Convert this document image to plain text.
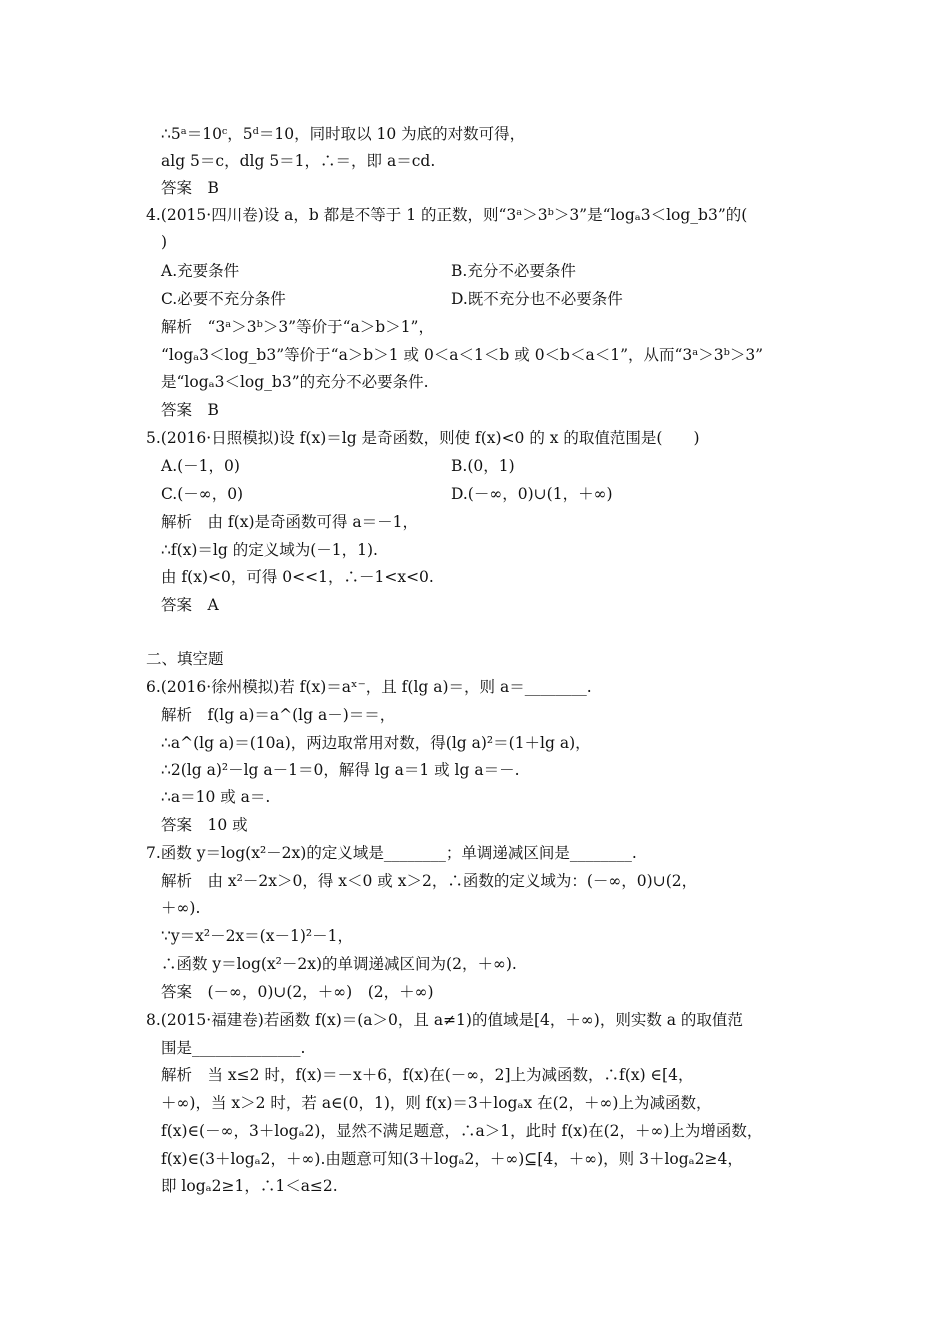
∴5ᵃ＝10ᶜ，5ᵈ＝10，同时取以 10 为底的对数可得，
alg 5＝c，dlg 5＝1，∴＝，即 a＝cd.
答案　B
4.(2015·四川卷)设 a，b 都是不等于 1 的正数，则“3ᵃ＞3ᵇ＞3”是“logₐ3＜log_b3”的(
)
A.充要条件	B.充分不必要条件
C.必要不充分条件	D.既不充分也不必要条件
解析　“3ᵃ＞3ᵇ＞3”等价于“a＞b＞1”，
“logₐ3＜log_b3”等价于“a＞b＞1 或 0＜a＜1＜b 或 0＜b＜a＜1”，从而“3ᵃ＞3ᵇ＞3”
是“logₐ3＜log_b3”的充分不必要条件.
答案　B
5.(2016·日照模拟)设 f(x)＝lg 是奇函数，则使 f(x)<0 的 x 的取值范围是(　　)
A.(－1，0)	B.(0，1)
C.(－∞，0)	D.(－∞，0)∪(1，＋∞)
解析　由 f(x)是奇函数可得 a＝－1，
∴f(x)＝lg 的定义域为(－1，1).
由 f(x)<0，可得 0<<1，∴－1<x<0.
答案　A
二、填空题
6.(2016·徐州模拟)若 f(x)＝aˣ⁻，且 f(lg a)＝，则 a＝________.
解析　f(lg a)＝a^(lg a－)＝＝，
∴a^(lg a)＝(10a)，两边取常用对数，得(lg a)²＝(1＋lg a)，
∴2(lg a)²－lg a－1＝0，解得 lg a＝1 或 lg a＝－.
∴a＝10 或 a＝.
答案　10 或
7.函数 y＝log(x²－2x)的定义域是________；单调递减区间是________.
解析　由 x²－2x＞0，得 x＜0 或 x＞2，∴函数的定义域为：(－∞，0)∪(2，
＋∞).
∵y＝x²－2x＝(x－1)²－1，
∴函数 y＝log(x²－2x)的单调递减区间为(2，＋∞).
答案　(－∞，0)∪(2，＋∞)　(2，＋∞)
8.(2015·福建卷)若函数 f(x)＝(a＞0，且 a≠1)的值域是[4，＋∞)，则实数 a 的取值范
围是______________.
解析　当 x≤2 时，f(x)＝－x＋6，f(x)在(－∞，2]上为减函数，∴f(x) ∈[4，
＋∞)，当 x＞2 时，若 a∈(0，1)，则 f(x)＝3＋logₐx 在(2，＋∞)上为减函数，
f(x)∈(－∞，3＋logₐ2)，显然不满足题意，∴a＞1，此时 f(x)在(2，＋∞)上为增函数，
f(x)∈(3＋logₐ2，＋∞).由题意可知(3＋logₐ2，＋∞)⊆[4，＋∞)，则 3＋logₐ2≥4，
即 logₐ2≥1，∴1＜a≤2.
